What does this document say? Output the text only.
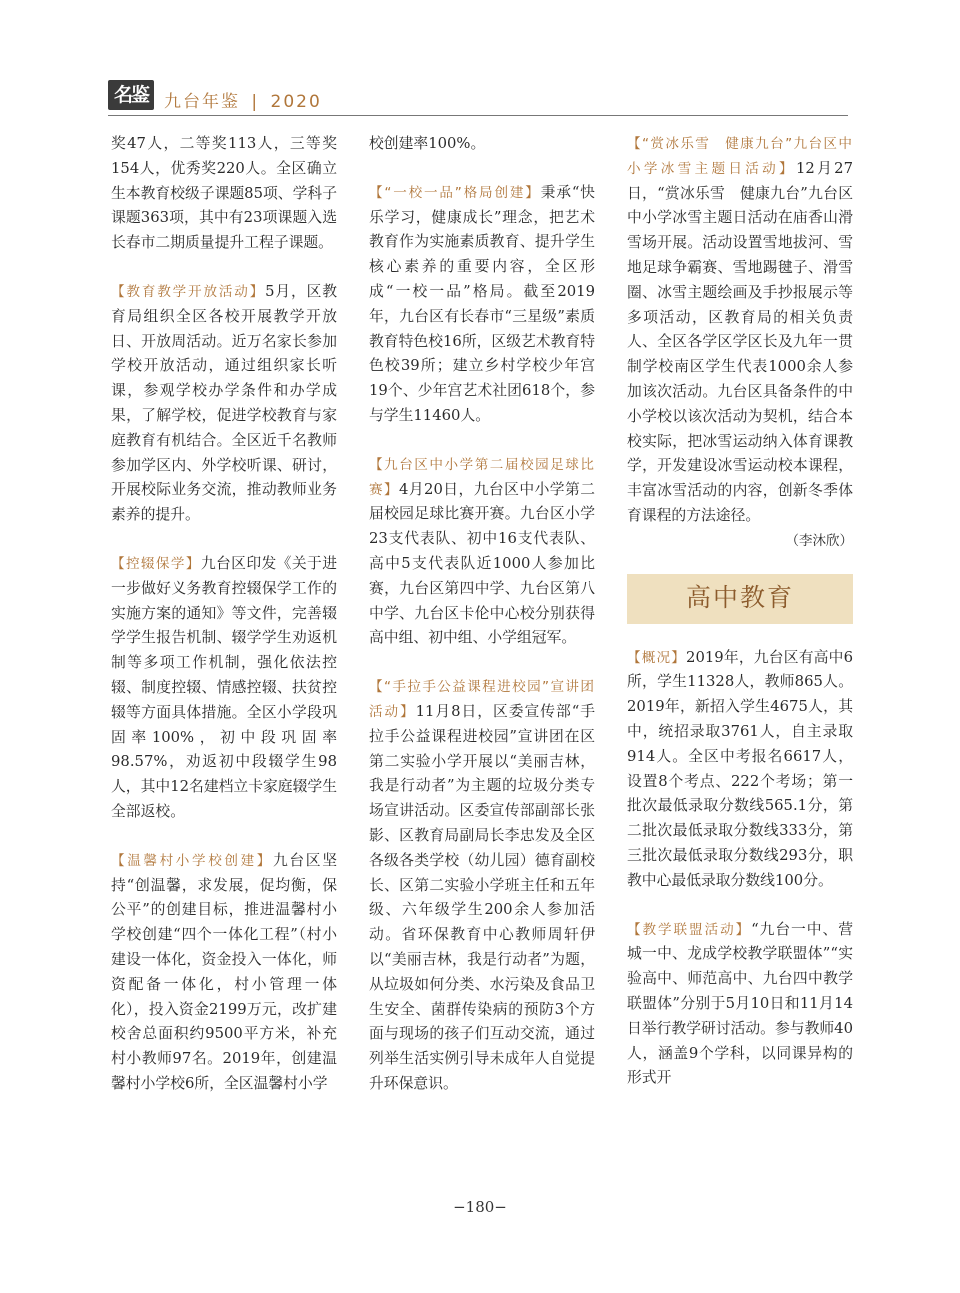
名鉴 九台年鉴 | 2020

奖47人，二等奖113人，三等奖154人，优秀奖220人。全区确立生本教育校级子课题85项、学科子课题363项，其中有23项课题入选长春市二期质量提升工程子课题。

【教育教学开放活动】5月，区教育局组织全区各校开展教学开放日、开放周活动。近万名家长参加学校开放活动，通过组织家长听课，参观学校办学条件和办学成果，了解学校，促进学校教育与家庭教育有机结合。全区近千名教师参加学区内、外学校听课、研讨，开展校际业务交流，推动教师业务素养的提升。

【控辍保学】九台区印发《关于进一步做好义务教育控辍保学工作的实施方案的通知》等文件，完善辍学学生报告机制、辍学学生劝返机制等多项工作机制，强化依法控辍、制度控辍、情感控辍、扶贫控辍等方面具体措施。全区小学段巩固率100%，初中段巩固率98.57%，劝返初中段辍学生98人，其中12名建档立卡家庭辍学生全部返校。

【温馨村小学校创建】九台区坚持“创温馨，求发展，促均衡，保公平”的创建目标，推进温馨村小学校创建“四个一体化工程”（村小建设一体化，资金投入一体化，师资配备一体化，村小管理一体化），投入资金2199万元，改扩建校舍总面积约9500平方米，补充村小教师97名。2019年，创建温馨村小学校6所，全区温馨村小学

校创建率100%。

【“一校一品”格局创建】秉承“快乐学习，健康成长”理念，把艺术教育作为实施素质教育、提升学生核心素养的重要内容，全区形成“一校一品”格局。截至2019年，九台区有长春市“三星级”素质教育特色校16所，区级艺术教育特色校39所；建立乡村学校少年宫19个、少年宫艺术社团618个，参与学生11460人。

【九台区中小学第二届校园足球比赛】4月20日，九台区中小学第二届校园足球比赛开赛。九台区小学23支代表队、初中16支代表队、高中5支代表队近1000人参加比赛，九台区第四中学、九台区第八中学、九台区卡伦中心校分别获得高中组、初中组、小学组冠军。

【“手拉手公益课程进校园”宣讲团活动】11月8日，区委宣传部“手拉手公益课程进校园”宣讲团在区第二实验小学开展以“美丽吉林，我是行动者”为主题的垃圾分类专场宣讲活动。区委宣传部副部长张影、区教育局副局长李忠发及全区各级各类学校（幼儿园）德育副校长、区第二实验小学班主任和五年级、六年级学生200余人参加活动。省环保教育中心教师周轩伊以“美丽吉林，我是行动者”为题，从垃圾如何分类、水污染及食品卫生安全、菌群传染病的预防3个方面与现场的孩子们互动交流，通过列举生活实例引导未成年人自觉提升环保意识。

【“赏冰乐雪　健康九台”九台区中小学冰雪主题日活动】12月27日，“赏冰乐雪　健康九台”九台区中小学冰雪主题日活动在庙香山滑雪场开展。活动设置雪地拔河、雪地足球争霸赛、雪地踢毽子、滑雪圈、冰雪主题绘画及手抄报展示等多项活动，区教育局的相关负责人、全区各学区学区长及九年一贯制学校南区学生代表1000余人参加该次活动。九台区具备条件的中小学校以该次活动为契机，结合本校实际，把冰雪运动纳入体育课教学，开发建设冰雪运动校本课程，丰富冰雪活动的内容，创新冬季体育课程的方法途径。

（李沐欣）
高中教育

【概况】2019年，九台区有高中6所，学生11328人，教师865人。2019年，新招入学生4675人，其中，统招录取3761人，自主录取914人。全区中考报名6617人，设置8个考点、222个考场；第一批次最低录取分数线565.1分，第二批次最低录取分数线333分，第三批次最低录取分数线293分，职教中心最低录取分数线100分。

【教学联盟活动】“九台一中、营城一中、龙成学校教学联盟体”“实验高中、师范高中、九台四中教学联盟体”分别于5月10日和11月14日举行教学研讨活动。参与教师40人，涵盖9个学科，以同课异构的形式开

−180−
